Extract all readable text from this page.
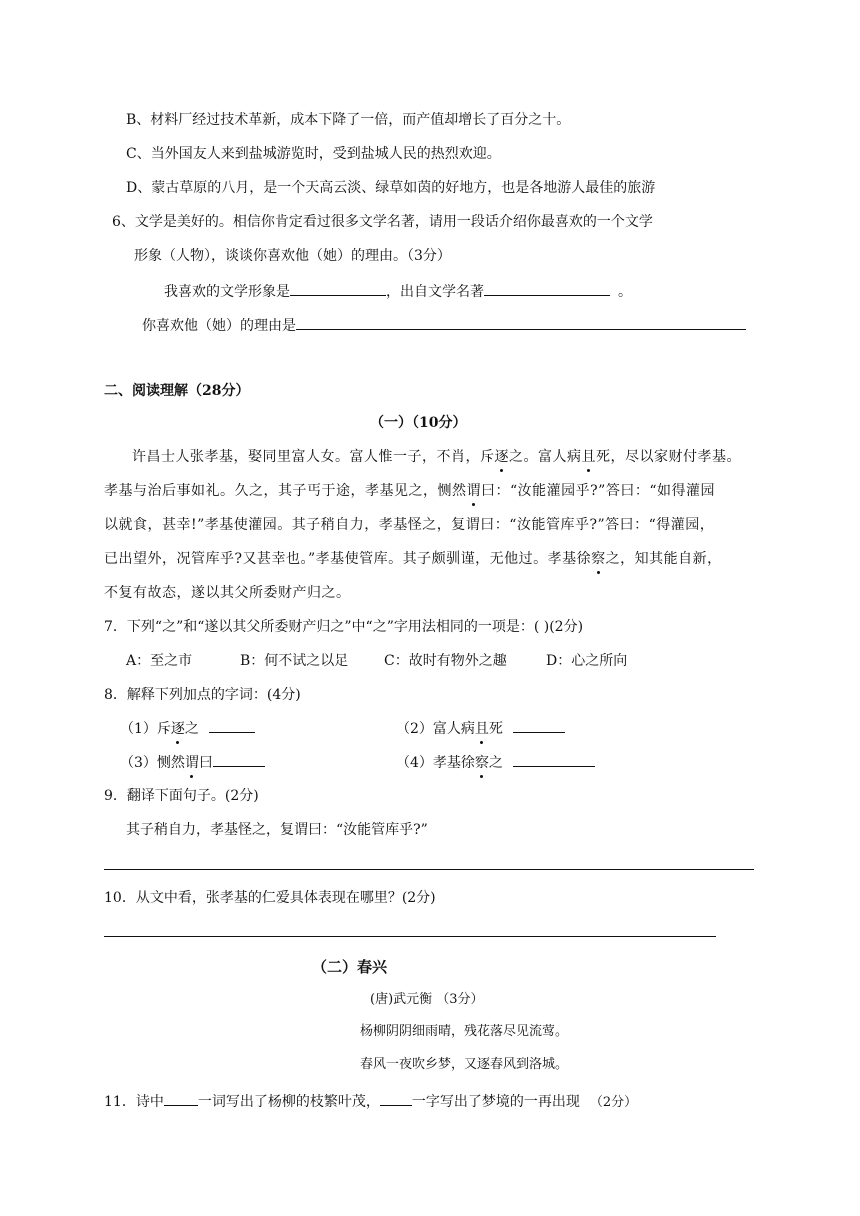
B、材料厂经过技术革新，成本下降了一倍，而产值却增长了百分之十。
C、当外国友人来到盐城游览时，受到盐城人民的热烈欢迎。
D、蒙古草原的八月，是一个天高云淡、绿草如茵的好地方，也是各地游人最佳的旅游
6、文学是美好的。相信你肯定看过很多文学名著，请用一段话介绍你最喜欢的一个文学
形象（人物），谈谈你喜欢他（她）的理由。（3分）
我喜欢的文学形象是	，出自文学名著	。
你喜欢他（她）的理由是
二、阅读理解（28分）
（一）（10分）
许昌士人张孝基，娶同里富人女。富人惟一子，不肖，斥逐之。富人病且死，尽以家财付孝基。
孝基与治后事如礼。久之，其子丐于途，孝基见之，恻然谓曰：“汝能灌园乎?”答曰：“如得灌园
以就食，甚幸!”孝基使灌园。其子稍自力，孝基怪之，复谓曰：“汝能管库乎?”答曰：“得灌园，
已出望外，况管库乎?又甚幸也。”孝基使管库。其子颇驯谨，无他过。孝基徐察之，知其能自新，
不复有故态，遂以其父所委财产归之。
7．下列“之”和“遂以其父所委财产归之”中“之”字用法相同的一项是：( )(2分)
A：至之市	B：何不试之以足	C：故时有物外之趣	D：心之所向
8．解释下列加点的字词：(4分)
（1）斥逐之	（2）富人病且死
（3）恻然谓曰	（4）孝基徐察之
9．翻译下面句子。(2分)
其子稍自力，孝基怪之，复谓曰：“汝能管库乎?”
10．从文中看，张孝基的仁爱具体表现在哪里？(2分)
（二）春兴
(唐)武元衡 （3分）
杨柳阴阴细雨晴，残花落尽见流莺。
春风一夜吹乡梦，又逐春风到洛城。
11．诗中 一词写出了杨柳的枝繁叶茂， 一字写出了梦境的一再出现 （2分）
